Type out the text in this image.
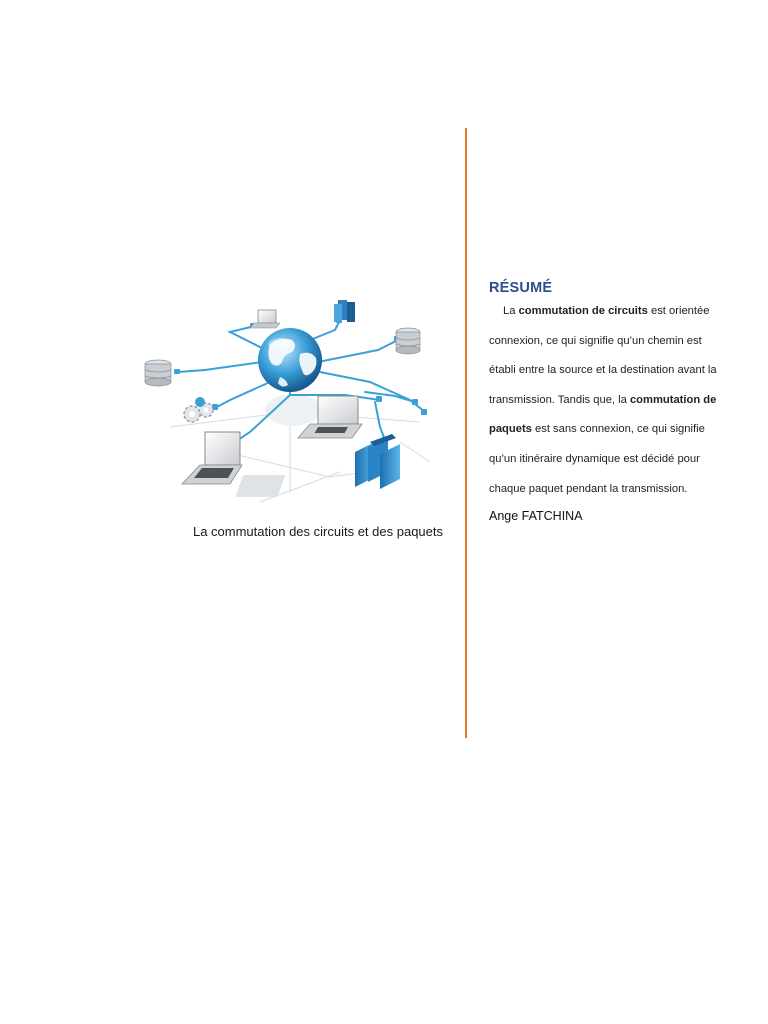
La commutation des circuits et des paquets
RÉSUMÉ

La commutation de circuits est orientée connexion, ce qui signifie qu’un chemin est établi entre la source et la destination avant la transmission. Tandis que, la commutation de paquets est sans connexion, ce qui signifie qu’un itinéraire dynamique est décidé pour chaque paquet pendant la transmission.

Ange FATCHINA
